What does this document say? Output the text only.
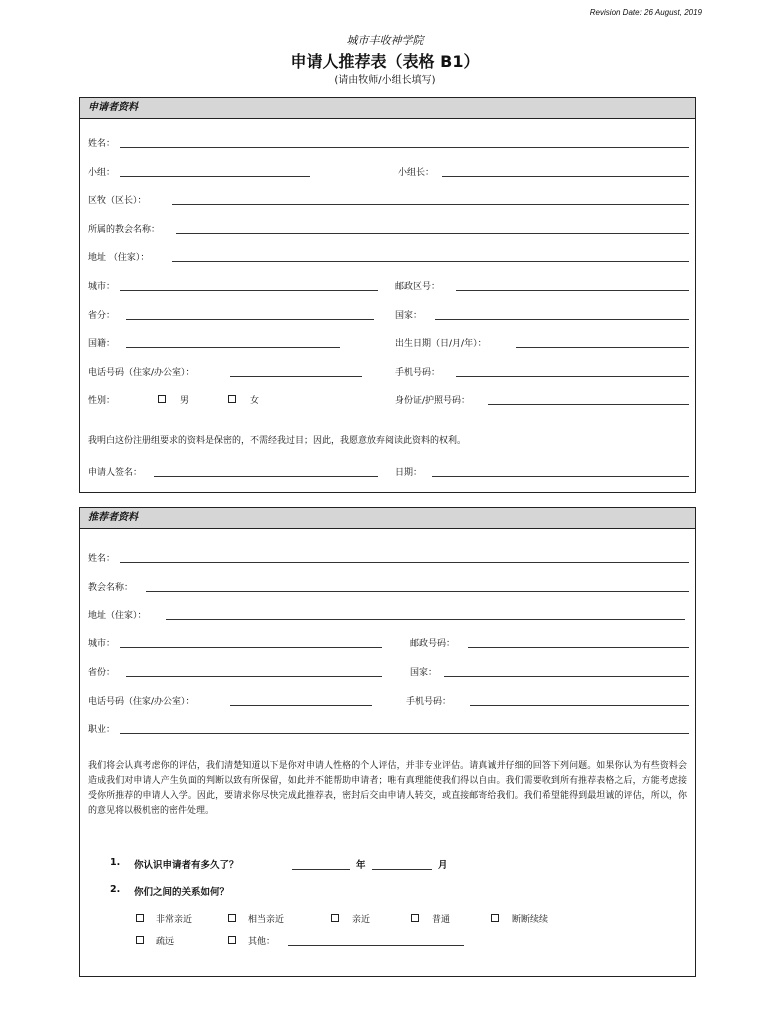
Revision Date: 26 August, 2019
城市丰收神学院
申请人推荐表（表格 B1）
(请由牧师/小组长填写)
申请者资料
姓名：
小组：	小组长：
区牧（区长）：
所属的教会名称：
地址 （住家）：
城市：	邮政区号：
省分：	国家：
国籍：	出生日期（日/月/年）：
电话号码（住家/办公室）：	手机号码：
性别：	男	女	身份证/护照号码：
我明白这份注册组要求的资料是保密的，不需经我过目；因此，我愿意放弃阅读此资料的权利。
申请人签名：	日期：
推荐者资料
姓名：
教会名称：
地址（住家）：
城市：	邮政号码：
省份：	国家：
电话号码（住家/办公室）：	手机号码：
职业：
我们将会认真考虑你的评估，我们清楚知道以下是你对申请人性格的个人评估，并非专业评估。请真诚并仔细的回答下列问题。如果你认为有些资料会造成我们对申请人产生负面的判断以致有所保留，如此并不能帮助申请者；唯有真理能使我们得以自由。我们需要收到所有推荐表格之后，方能考虑接受你所推荐的申请人入学。因此，要请求你尽快完成此推荐表，密封后交由申请人转交，或直接邮寄给我们。我们希望能得到最坦诚的评估，所以，你的意见将以极机密的密件处理。
1. 你认识申请者有多久了？	年	月
2. 你们之间的关系如何？
非常亲近	相当亲近	亲近	普通	断断续续
疏远	其他：
